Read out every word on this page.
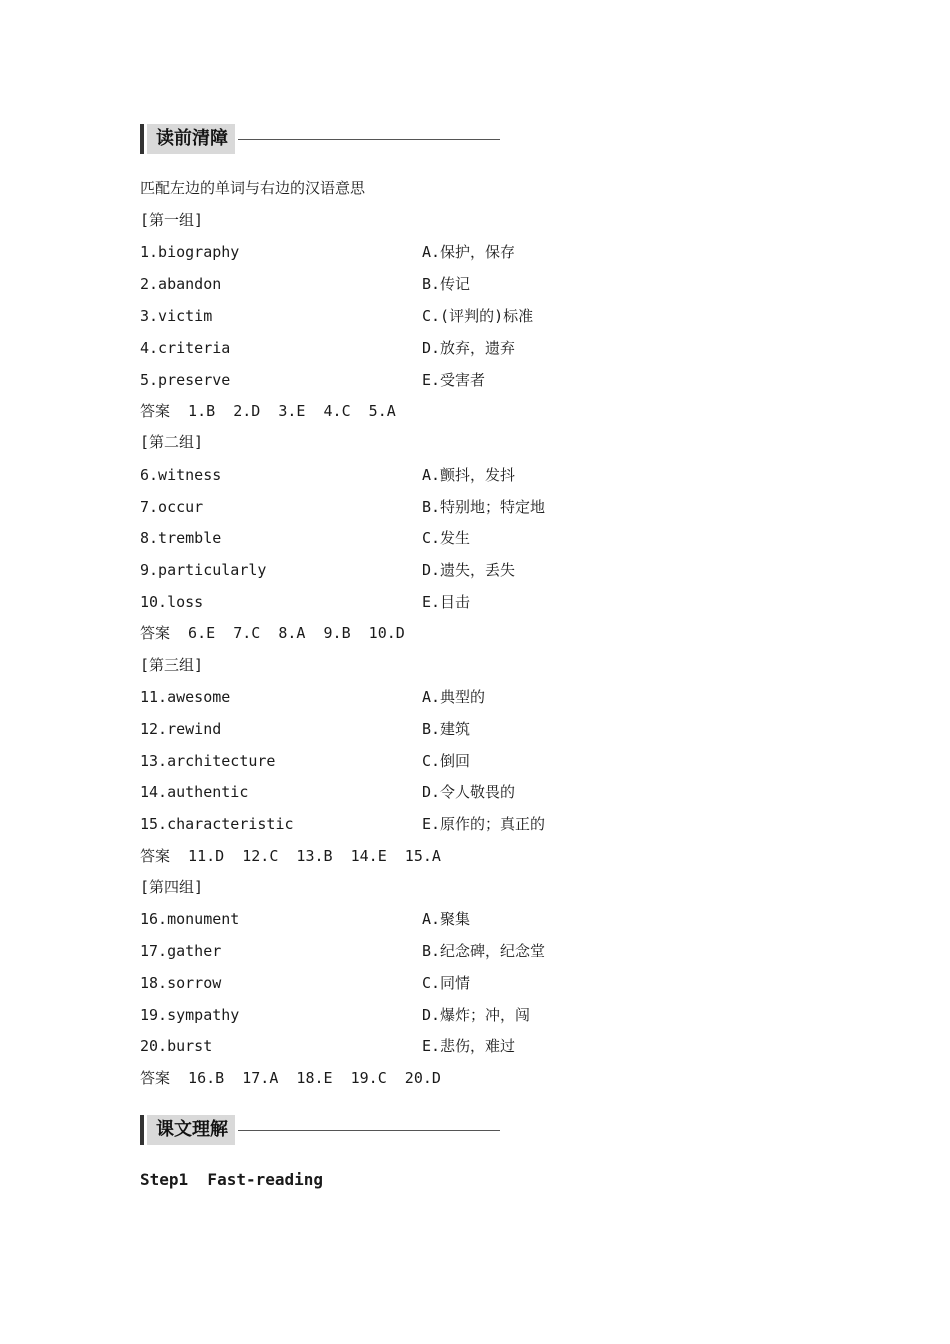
读前清障
匹配左边的单词与右边的汉语意思
[第一组]
1.biography	A.保护，保存
2.abandon	B.传记
3.victim	C.(评判的)标准
4.criteria	D.放弃，遗弃
5.preserve	E.受害者
答案  1.B  2.D  3.E  4.C  5.A
[第二组]
6.witness	A.颤抖，发抖
7.occur	B.特别地；特定地
8.tremble	C.发生
9.particularly	D.遗失，丢失
10.loss	E.目击
答案  6.E  7.C  8.A  9.B  10.D
[第三组]
11.awesome	A.典型的
12.rewind	B.建筑
13.architecture	C.倒回
14.authentic	D.令人敬畏的
15.characteristic	E.原作的；真正的
答案  11.D  12.C  13.B  14.E  15.A
[第四组]
16.monument	A.聚集
17.gather	B.纪念碑，纪念堂
18.sorrow	C.同情
19.sympathy	D.爆炸；冲，闯
20.burst	E.悲伤，难过
答案  16.B  17.A  18.E  19.C  20.D
课文理解
Step1  Fast-reading
